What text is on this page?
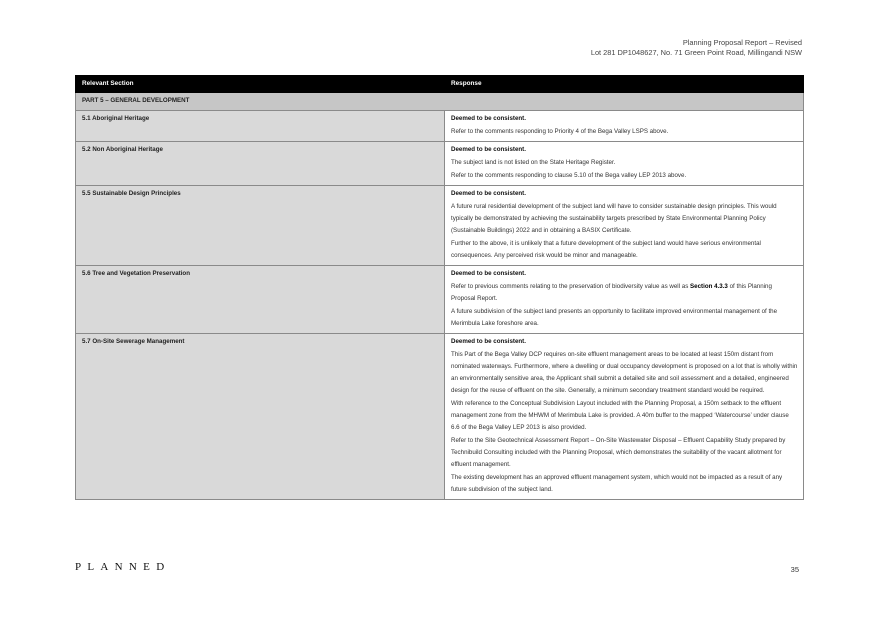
Planning Proposal Report – Revised
Lot 281 DP1048627, No. 71 Green Point Road, Millingandi NSW
Relevant Section	Response
PART 5 – GENERAL DEVELOPMENT	
5.1 Aboriginal Heritage	Deemed to be consistent.
Refer to the comments responding to Priority 4 of the Bega Valley LSPS above.

5.2 Non Aboriginal Heritage	Deemed to be consistent.
The subject land is not listed on the State Heritage Register.
Refer to the comments responding to clause 5.10 of the Bega valley LEP 2013 above.

5.5 Sustainable Design Principles	Deemed to be consistent.
A future rural residential development of the subject land will have to consider sustainable design principles. This would typically be demonstrated by achieving the sustainability targets prescribed by State Environmental Planning Policy (Sustainable Buildings) 2022 and in obtaining a BASIX Certificate.
Further to the above, it is unlikely that a future development of the subject land would have serious environmental consequences. Any perceived risk would be minor and manageable.

5.6 Tree and Vegetation Preservation	Deemed to be consistent.
Refer to previous comments relating to the preservation of biodiversity value as well as Section 4.3.3 of this Planning Proposal Report.
A future subdivision of the subject land presents an opportunity to facilitate improved environmental management of the Merimbula Lake foreshore area.

5.7 On-Site Sewerage Management	Deemed to be consistent.
This Part of the Bega Valley DCP requires on-site effluent management areas to be located at least 150m distant from nominated waterways. Furthermore, where a dwelling or dual occupancy development is proposed on a lot that is wholly within an environmentally sensitive area, the Applicant shall submit a detailed site and soil assessment and a detailed, engineered design for the reuse of effluent on the site. Generally, a minimum secondary treatment standard would be required.
With reference to the Conceptual Subdivision Layout included with the Planning Proposal, a 150m setback to the effluent management zone from the MHWM of Merimbula Lake is provided. A 40m buffer to the mapped ‘Watercourse’ under clause 6.6 of the Bega Valley LEP 2013 is also provided.
Refer to the Site Geotechnical Assessment Report – On-Site Wastewater Disposal – Effluent Capability Study prepared by Technibuild Consulting included with the Planning Proposal, which demonstrates the suitability of the vacant allotment for effluent management.
The existing development has an approved effluent management system, which would not be impacted as a result of any future subdivision of the subject land.
PLANNED	35
